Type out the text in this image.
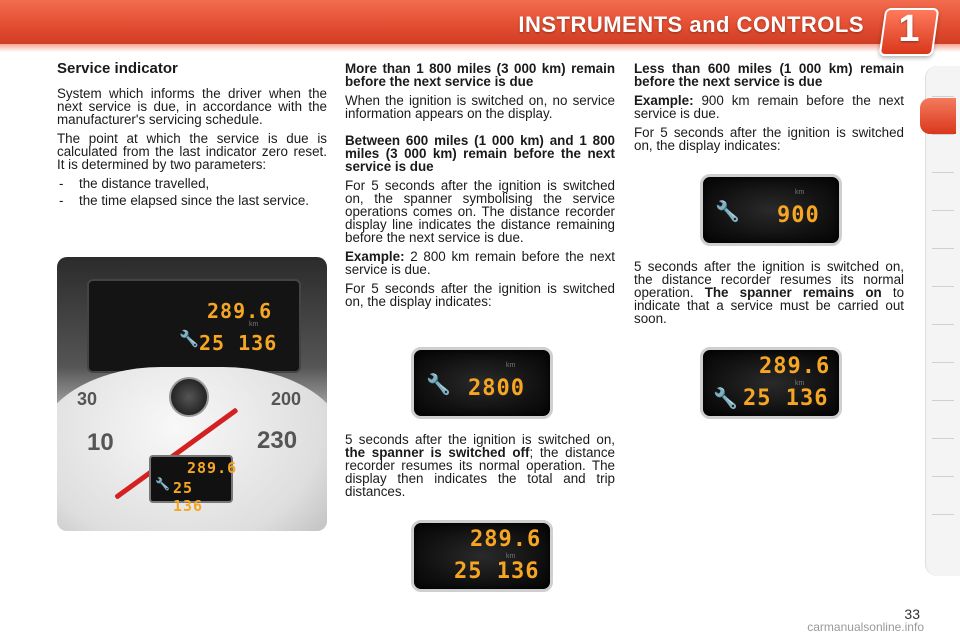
INSTRUMENTS and CONTROLS 1

Service indicator

System which informs the driver when the next service is due, in accordance with the manufacturer's servicing schedule.

The point at which the service is due is calculated from the last indicator zero reset. It is determined by two parameters:

- the distance travelled,
- the time elapsed since the last service.
289.6
km
🔧 25 136
30
10
200
230
289.6
🔧 25 136

More than 1 800 miles (3 000 km) remain before the next service is due

When the ignition is switched on, no service information appears on the display.

Between 600 miles (1 000 km) and 1 800 miles (3 000 km) remain before the next service is due

For 5 seconds after the ignition is switched on, the spanner symbolising the service operations comes on. The distance recorder display line indicates the distance remaining before the next service is due.

Example: 2 800 km remain before the next service is due.

For 5 seconds after the ignition is switched on, the display indicates:

5 seconds after the ignition is switched on, the spanner is switched off; the distance recorder resumes its normal operation. The display then indicates the total and trip distances.

km
🔧 2800
289.6
km
25 136

Less than 600 miles (1 000 km) remain before the next service is due

Example: 900 km remain before the next service is due.

For 5 seconds after the ignition is switched on, the display indicates:

km
🔧 900

5 seconds after the ignition is switched on, the distance recorder resumes its normal operation. The spanner remains on to indicate that a service must be carried out soon.

289.6
km
🔧 25 136
33
carmanualsonline.info
